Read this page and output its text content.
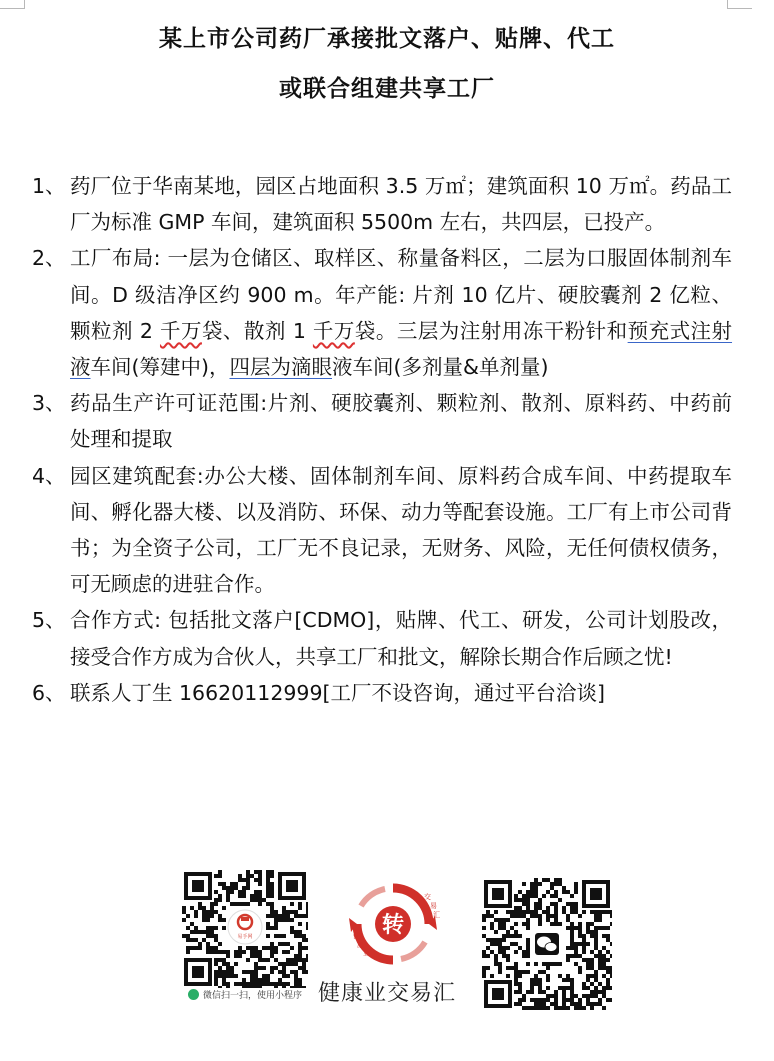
某上市公司药厂承接批文落户、贴牌、代工
或联合组建共享工厂
1、 药厂位于华南某地，园区占地面积 3.5 万㎡；建筑面积 10 万㎡。药品工厂为标准 GMP 车间，建筑面积 5500m 左右，共四层，已投产。
2、 工厂布局: 一层为仓储区、取样区、称量备料区，二层为口服固体制剂车间。D 级洁净区约 900 m。年产能: 片剂 10 亿片、硬胶囊剂 2 亿粒、颗粒剂 2 千万袋、散剂 1 千万袋。三层为注射用冻干粉针和预充式注射液车间(筹建中)，四层为滴眼液车间(多剂量&单剂量)
3、 药品生产许可证范围:片剂、硬胶囊剂、颗粒剂、散剂、原料药、中药前处理和提取
4、 园区建筑配套:办公大楼、固体制剂车间、原料药合成车间、中药提取车间、孵化器大楼、以及消防、环保、动力等配套设施。工厂有上市公司背书；为全资子公司，工厂无不良记录，无财务、风险，无任何债权债务，可无顾虑的进驻合作。
5、 合作方式: 包括批文落户[CDMO]，贴牌、代工、研发，公司计划股改，接受合作方成为合伙人，共享工厂和批文，解除长期合作后顾之忧!
6、 联系人丁生 16620112999[工厂不设咨询，通过平台洽谈]
易手网
微信扫一扫，使用小程序
转
交
易
汇
健
康
业
健康业交易汇
